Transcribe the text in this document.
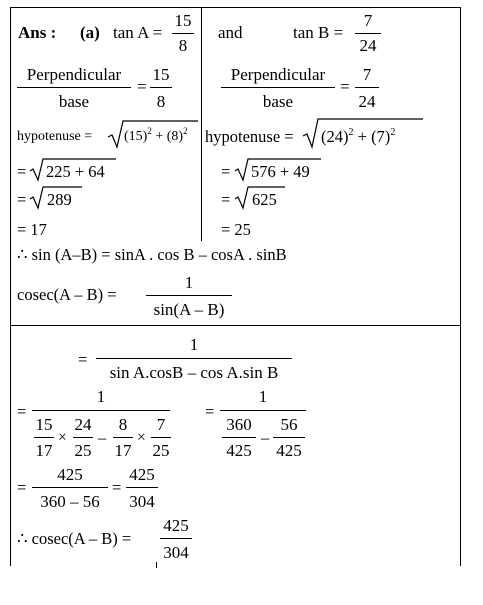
Ans : (a) tan A =
15
8
and	tan B =
7
24
Perpendicular
base
=
15
8
Perpendicular
base
=
7
24
hypotenuse = $(15)^2 + (8)^2$ hypotenuse = $(24)^2 + (7)^2$
= 225 + 64
= 289
= 17
= 576 + 49
= 625
= 25
∴ sin (A–B) = sinA . cos B – cosA . sinB
cosec(A – B) =
1
sin(A – B)
=
1
sin A.cosB – cos A.sin B
=
1
15
17
×
24
25
–
8
17
×
7
25
=
1
360
425
–
56
425
=
425
360 – 56
=
425
304
∴ cosec(A – B) =
425
304
